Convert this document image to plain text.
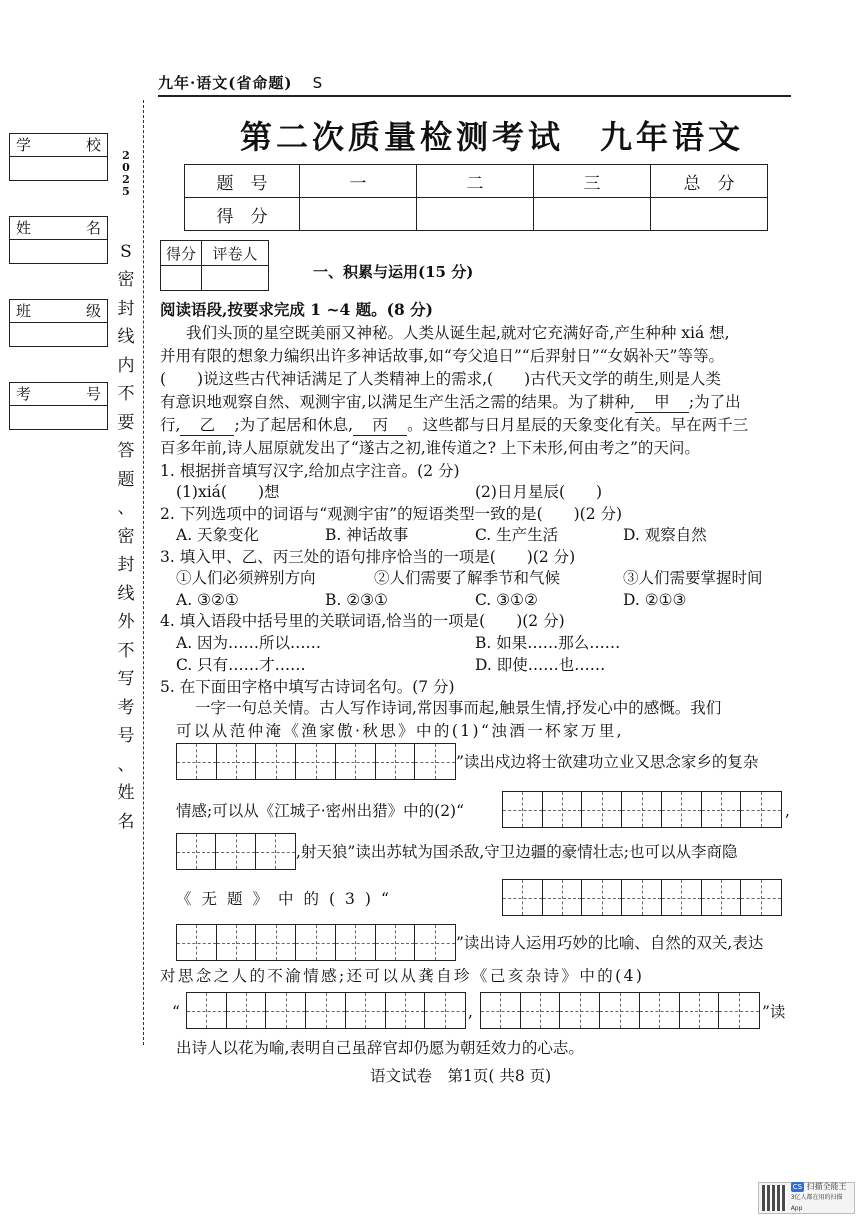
九年·语文(省命题) S
第二次质量检测考试　九年语文
题　号	一	二	三	总　分
得　分				
学	校
姓	名
班	级
考	号
2
0
2
5
S
密
封
线
内
不
要
答
题
、
密
封
线
外
不
写
考
号
、
姓
名
得分	评卷人

一、积累与运用(15 分)
阅读语段,按要求完成 1 ~4 题。(8 分)
我们头顶的星空既美丽又神秘。人类从诞生起,就对它充满好奇,产生种种 xiá 想,
并用有限的想象力编织出许多神话故事,如“夸父追日”“后羿射日”“女娲补天”等等。
(　　)说这些古代神话满足了人类精神上的需求,(　　)古代天文学的萌生,则是人类
有意识地观察自然、观测宇宙,以满足生产生活之需的结果。为了耕种, 甲 ;为了出
行, 乙 ;为了起居和休息, 丙 。这些都与日月星辰的天象变化有关。早在两千三
百多年前,诗人屈原就发出了“遂古之初,谁传道之? 上下未形,何由考之”的天问。
1. 根据拼音填写汉字,给加点字注音。(2 分)
(1)xiá(　　)想	(2)日月星辰(　　)
2. 下列选项中的词语与“观测宇宙”的短语类型一致的是(　　)(2 分)
A. 天象变化	B. 神话故事	C. 生产生活	D. 观察自然
3. 填入甲、乙、丙三处的语句排序恰当的一项是(　　)(2 分)
①人们必须辨别方向	②人们需要了解季节和气候	③人们需要掌握时间
A. ③②①	B. ②③①	C. ③①②	D. ②①③
4. 填入语段中括号里的关联词语,恰当的一项是(　　)(2 分)
A. 因为……所以……	B. 如果……那么……
C. 只有……才……	D. 即使……也……
5. 在下面田字格中填写古诗词名句。(7 分)
一字一句总关情。古人写作诗词,常因事而起,触景生情,抒发心中的感慨。我们
可以从范仲淹《渔家傲·秋思》中的(1)“浊酒一杯家万里,
”读出戍边将士欲建功立业又思念家乡的复杂
情感;可以从《江城子·密州出猎》中的(2)“	,
,射天狼”读出苏轼为国杀敌,守卫边疆的豪情壮志;也可以从李商隐
《无题》中的(3)“
”读出诗人运用巧妙的比喻、自然的双关,表达
对思念之人的不渝情感;还可以从龚自珍《己亥杂诗》中的(4)
“	,	”读
出诗人以花为喻,表明自己虽辞官却仍愿为朝廷效力的心志。
语文试卷　第1页( 共8 页)
CS 扫描全能王
3亿人都在用的扫描App
